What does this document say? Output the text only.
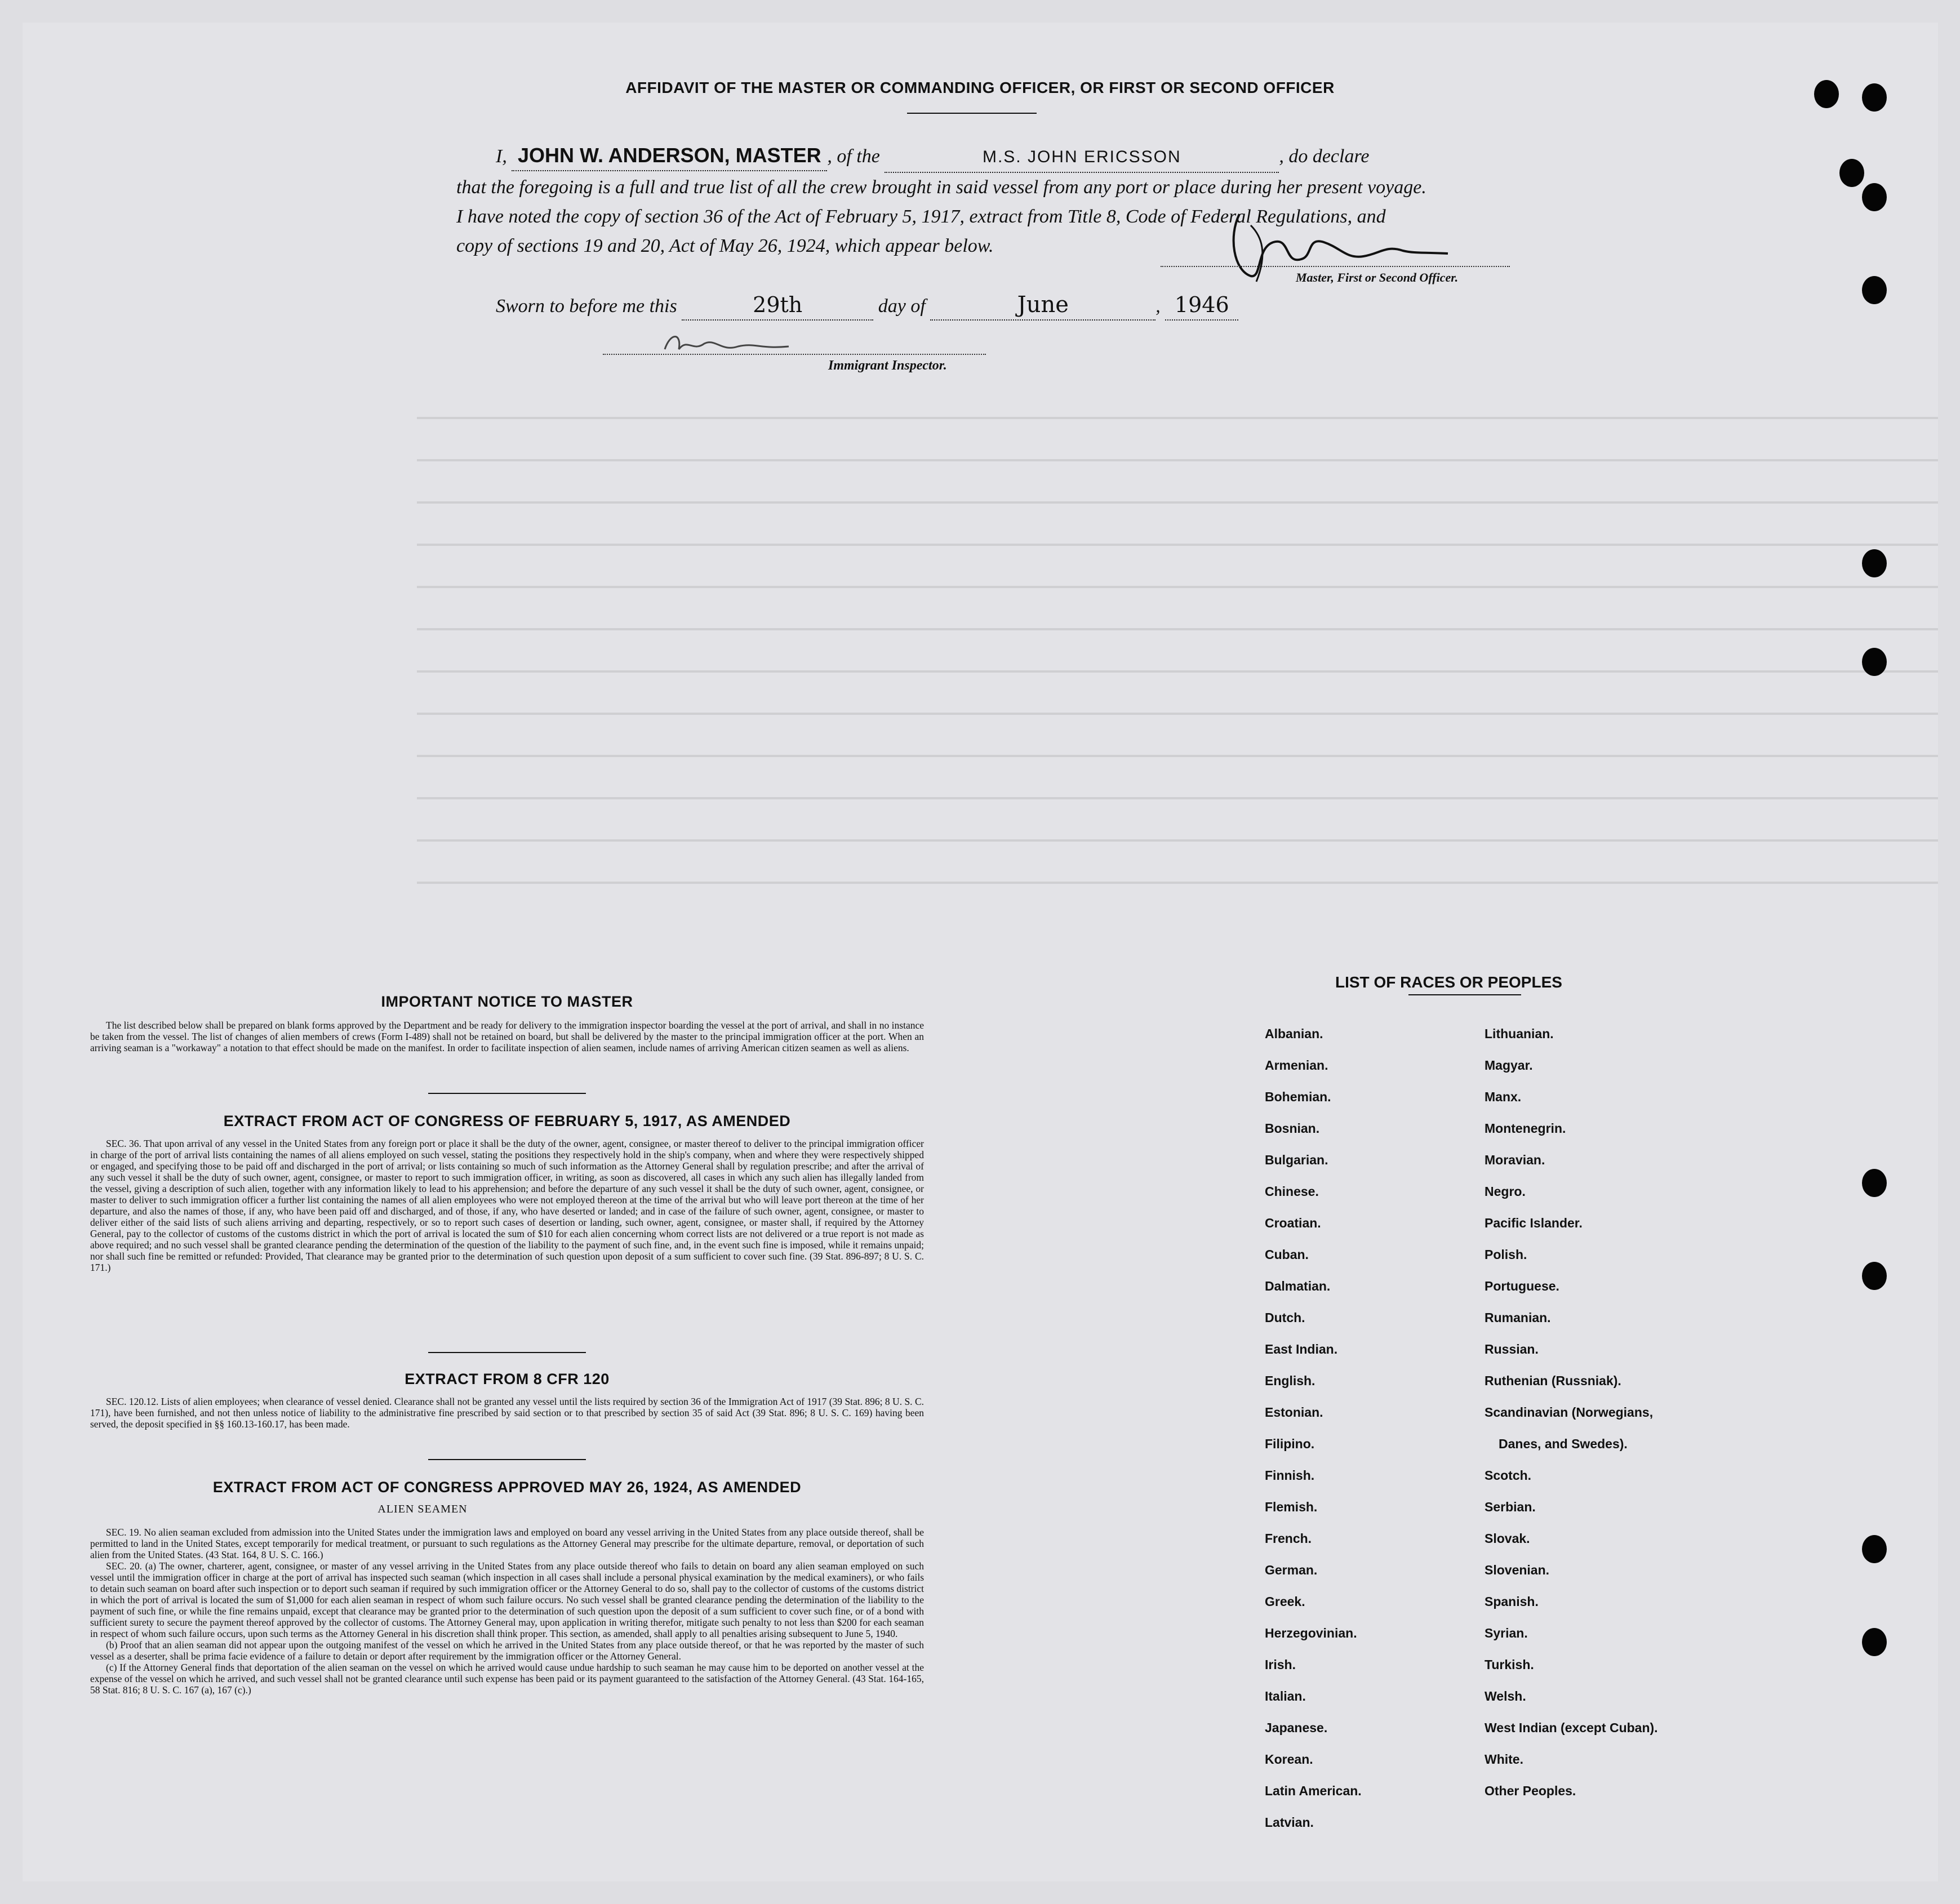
AFFIDAVIT OF THE MASTER OR COMMANDING OFFICER, OR FIRST OR SECOND OFFICER
I, JOHN W. ANDERSON, MASTER , of the	M.S. JOHN ERICSSON	, do declare
that the foregoing is a full and true list of all the crew brought in said vessel from any port or place during her present voyage.
I have noted the copy of section 36 of the Act of February 5, 1917, extract from Title 8, Code of Federal Regulations, and
copy of sections 19 and 20, Act of May 26, 1924, which appear below.
Master, First or Second Officer.
Sworn to before me this	29th	day of	June	, 1946
Immigrant Inspector.
IMPORTANT NOTICE TO MASTER

The list described below shall be prepared on blank forms approved by the Department and be ready for delivery to the immigration inspector boarding the vessel at the port of arrival, and shall in no instance be taken from the vessel. The list of changes of alien members of crews (Form I-489) shall not be retained on board, but shall be delivered by the master to the principal immigration officer at the port. When an arriving seaman is a "workaway" a notation to that effect should be made on the manifest. In order to facilitate inspection of alien seamen, include names of arriving American citizen seamen as well as aliens.

EXTRACT FROM ACT OF CONGRESS OF FEBRUARY 5, 1917, AS AMENDED

SEC. 36. That upon arrival of any vessel in the United States from any foreign port or place it shall be the duty of the owner, agent, consignee, or master thereof to deliver to the principal immigration officer in charge of the port of arrival lists containing the names of all aliens employed on such vessel, stating the positions they respectively hold in the ship's company, when and where they were respectively shipped or engaged, and specifying those to be paid off and discharged in the port of arrival; or lists containing so much of such information as the Attorney General shall by regulation prescribe; and after the arrival of any such vessel it shall be the duty of such owner, agent, consignee, or master to report to such immigration officer, in writing, as soon as discovered, all cases in which any such alien has illegally landed from the vessel, giving a description of such alien, together with any information likely to lead to his apprehension; and before the departure of any such vessel it shall be the duty of such owner, agent, consignee, or master to deliver to such immigration officer a further list containing the names of all alien employees who were not employed thereon at the time of the arrival but who will leave port thereon at the time of her departure, and also the names of those, if any, who have been paid off and discharged, and of those, if any, who have deserted or landed; and in case of the failure of such owner, agent, consignee, or master to deliver either of the said lists of such aliens arriving and departing, respectively, or so to report such cases of desertion or landing, such owner, agent, consignee, or master shall, if required by the Attorney General, pay to the collector of customs of the customs district in which the port of arrival is located the sum of $10 for each alien concerning whom correct lists are not delivered or a true report is not made as above required; and no such vessel shall be granted clearance pending the determination of the question of the liability to the payment of such fine, and, in the event such fine is imposed, while it remains unpaid; nor shall such fine be remitted or refunded: Provided, That clearance may be granted prior to the determination of such question upon deposit of a sum sufficient to cover such fine. (39 Stat. 896-897; 8 U. S. C. 171.)

EXTRACT FROM 8 CFR 120

SEC. 120.12. Lists of alien employees; when clearance of vessel denied. Clearance shall not be granted any vessel until the lists required by section 36 of the Immigration Act of 1917 (39 Stat. 896; 8 U. S. C. 171), have been furnished, and not then unless notice of liability to the administrative fine prescribed by said section or to that prescribed by section 35 of said Act (39 Stat. 896; 8 U. S. C. 169) having been served, the deposit specified in §§ 160.13-160.17, has been made.

EXTRACT FROM ACT OF CONGRESS APPROVED MAY 26, 1924, AS AMENDED
ALIEN SEAMEN

SEC. 19. No alien seaman excluded from admission into the United States under the immigration laws and employed on board any vessel arriving in the United States from any place outside thereof, shall be permitted to land in the United States, except temporarily for medical treatment, or pursuant to such regulations as the Attorney General may prescribe for the ultimate departure, removal, or deportation of such alien from the United States. (43 Stat. 164, 8 U. S. C. 166.)

SEC. 20. (a) The owner, charterer, agent, consignee, or master of any vessel arriving in the United States from any place outside thereof who fails to detain on board any alien seaman employed on such vessel until the immigration officer in charge at the port of arrival has inspected such seaman (which inspection in all cases shall include a personal physical examination by the medical examiners), or who fails to detain such seaman on board after such inspection or to deport such seaman if required by such immigration officer or the Attorney General to do so, shall pay to the collector of customs of the customs district in which the port of arrival is located the sum of $1,000 for each alien seaman in respect of whom such failure occurs. No such vessel shall be granted clearance pending the determination of the liability to the payment of such fine, or while the fine remains unpaid, except that clearance may be granted prior to the determination of such question upon the deposit of a sum sufficient to cover such fine, or of a bond with sufficient surety to secure the payment thereof approved by the collector of customs. The Attorney General may, upon application in writing therefor, mitigate such penalty to not less than $200 for each seaman in respect of whom such failure occurs, upon such terms as the Attorney General in his discretion shall think proper. This section, as amended, shall apply to all penalties arising subsequent to June 5, 1940.

(b) Proof that an alien seaman did not appear upon the outgoing manifest of the vessel on which he arrived in the United States from any place outside thereof, or that he was reported by the master of such vessel as a deserter, shall be prima facie evidence of a failure to detain or deport after requirement by the immigration officer or the Attorney General.

(c) If the Attorney General finds that deportation of the alien seaman on the vessel on which he arrived would cause undue hardship to such seaman he may cause him to be deported on another vessel at the expense of the vessel on which he arrived, and such vessel shall not be granted clearance until such expense has been paid or its payment guaranteed to the satisfaction of the Attorney General. (43 Stat. 164-165, 58 Stat. 816; 8 U. S. C. 167 (a), 167 (c).)

LIST OF RACES OR PEOPLES
Albanian.
Armenian.
Bohemian.
Bosnian.
Bulgarian.
Chinese.
Croatian.
Cuban.
Dalmatian.
Dutch.
East Indian.
English.
Estonian.
Filipino.
Finnish.
Flemish.
French.
German.
Greek.
Herzegovinian.
Irish.
Italian.
Japanese.
Korean.
Latin American.
Latvian.
Lithuanian.
Magyar.
Manx.
Montenegrin.
Moravian.
Negro.
Pacific Islander.
Polish.
Portuguese.
Rumanian.
Russian.
Ruthenian (Russniak).
Scandinavian (Norwegians,
Danes, and Swedes).
Scotch.
Serbian.
Slovak.
Slovenian.
Spanish.
Syrian.
Turkish.
Welsh.
West Indian (except Cuban).
White.
Other Peoples.
